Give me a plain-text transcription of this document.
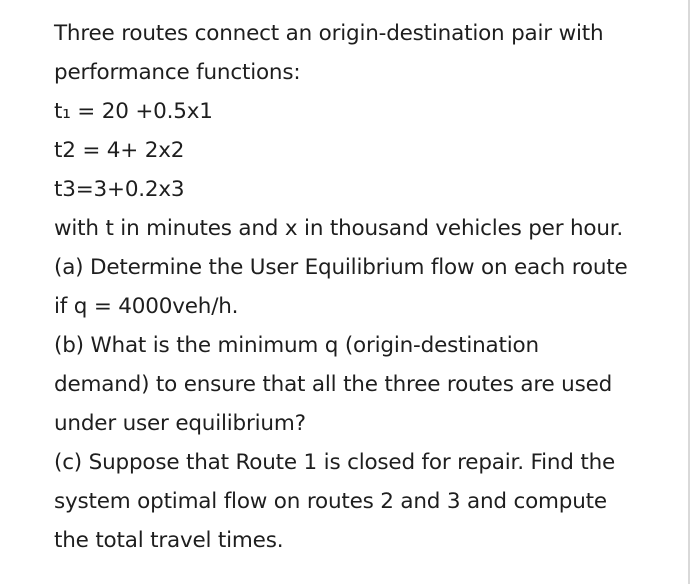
Three routes connect an origin-destination pair with
performance functions:
t₁ = 20 +0.5x1
t2 = 4+ 2x2
t3=3+0.2x3
with t in minutes and x in thousand vehicles per hour.
(a) Determine the User Equilibrium flow on each route
if q = 4000veh/h.
(b) What is the minimum q (origin-destination
demand) to ensure that all the three routes are used
under user equilibrium?
(c) Suppose that Route 1 is closed for repair. Find the
system optimal flow on routes 2 and 3 and compute
the total travel times.
